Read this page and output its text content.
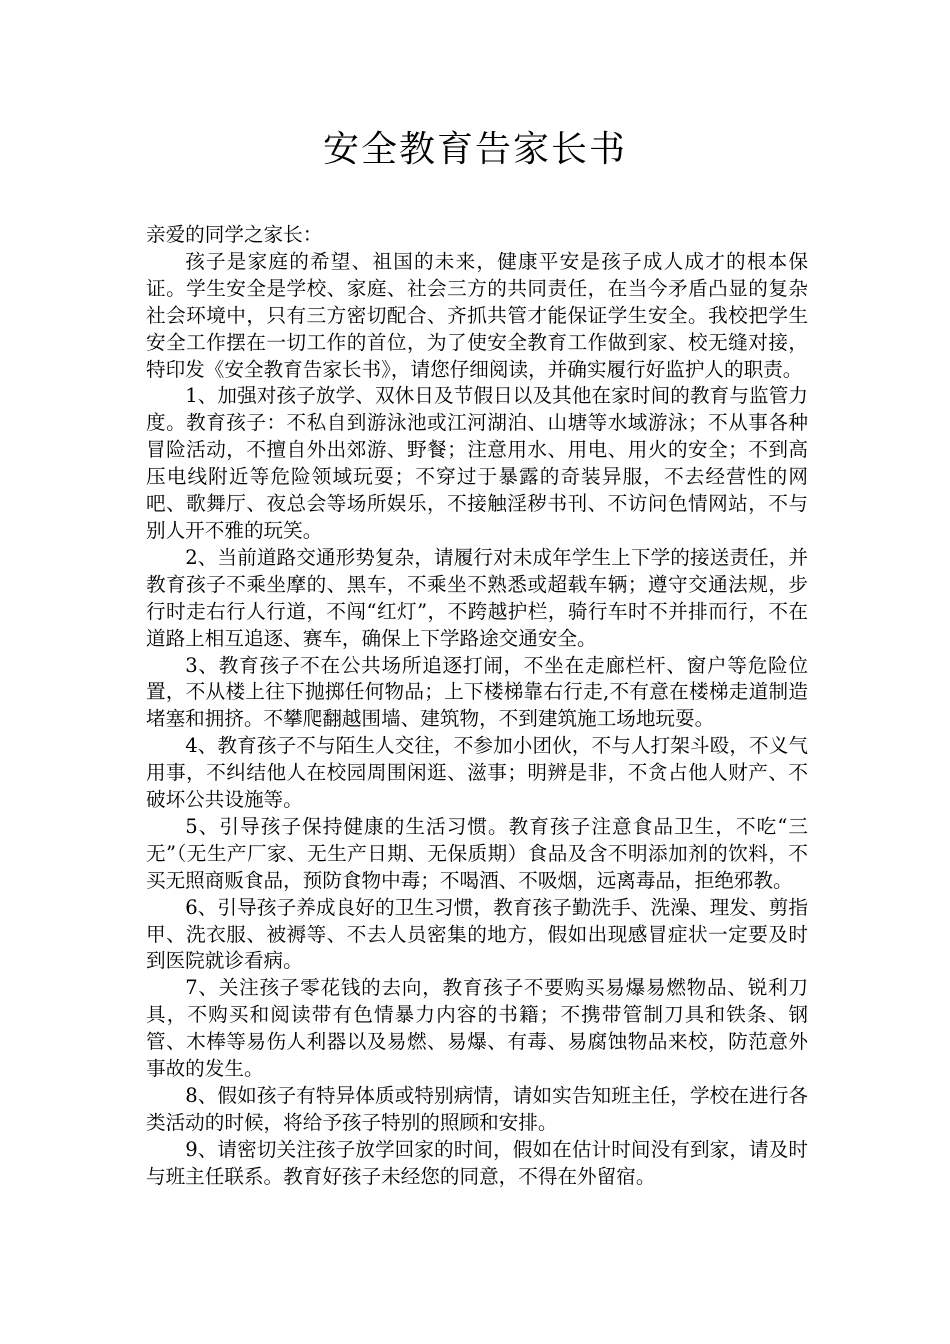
安全教育告家长书

亲爱的同学之家长：

孩子是家庭的希望、祖国的未来，健康平安是孩子成人成才的根本保证。学生安全是学校、家庭、社会三方的共同责任，在当今矛盾凸显的复杂社会环境中，只有三方密切配合、齐抓共管才能保证学生安全。我校把学生安全工作摆在一切工作的首位，为了使安全教育工作做到家、校无缝对接，特印发《安全教育告家长书》，请您仔细阅读，并确实履行好监护人的职责。

1、加强对孩子放学、双休日及节假日以及其他在家时间的教育与监管力度。教育孩子：不私自到游泳池或江河湖泊、山塘等水域游泳；不从事各种冒险活动，不擅自外出郊游、野餐；注意用水、用电、用火的安全；不到高压电线附近等危险领域玩耍；不穿过于暴露的奇装异服，不去经营性的网吧、歌舞厅、夜总会等场所娱乐，不接触淫秽书刊、不访问色情网站，不与别人开不雅的玩笑。

2、当前道路交通形势复杂，请履行对未成年学生上下学的接送责任，并教育孩子不乘坐摩的、黑车，不乘坐不熟悉或超载车辆；遵守交通法规，步行时走右行人行道，不闯“红灯”，不跨越护栏，骑行车时不并排而行，不在道路上相互追逐、赛车，确保上下学路途交通安全。

3、教育孩子不在公共场所追逐打闹，不坐在走廊栏杆、窗户等危险位置，不从楼上往下抛掷任何物品；上下楼梯靠右行走,不有意在楼梯走道制造堵塞和拥挤。不攀爬翻越围墙、建筑物，不到建筑施工场地玩耍。

4、教育孩子不与陌生人交往，不参加小团伙，不与人打架斗殴，不义气用事，不纠结他人在校园周围闲逛、滋事；明辨是非，不贪占他人财产、不破坏公共设施等。

5、引导孩子保持健康的生活习惯。教育孩子注意食品卫生，不吃“三无”（无生产厂家、无生产日期、无保质期）食品及含不明添加剂的饮料，不买无照商贩食品，预防食物中毒；不喝酒、不吸烟，远离毒品，拒绝邪教。

6、引导孩子养成良好的卫生习惯，教育孩子勤洗手、洗澡、理发、剪指甲、洗衣服、被褥等、不去人员密集的地方，假如出现感冒症状一定要及时到医院就诊看病。

7、关注孩子零花钱的去向，教育孩子不要购买易爆易燃物品、锐利刀具，不购买和阅读带有色情暴力内容的书籍；不携带管制刀具和铁条、钢管、木棒等易伤人利器以及易燃、易爆、有毒、易腐蚀物品来校，防范意外事故的发生。

8、假如孩子有特异体质或特别病情，请如实告知班主任，学校在进行各类活动的时候，将给予孩子特别的照顾和安排。

9、请密切关注孩子放学回家的时间，假如在估计时间没有到家，请及时与班主任联系。教育好孩子未经您的同意，不得在外留宿。
